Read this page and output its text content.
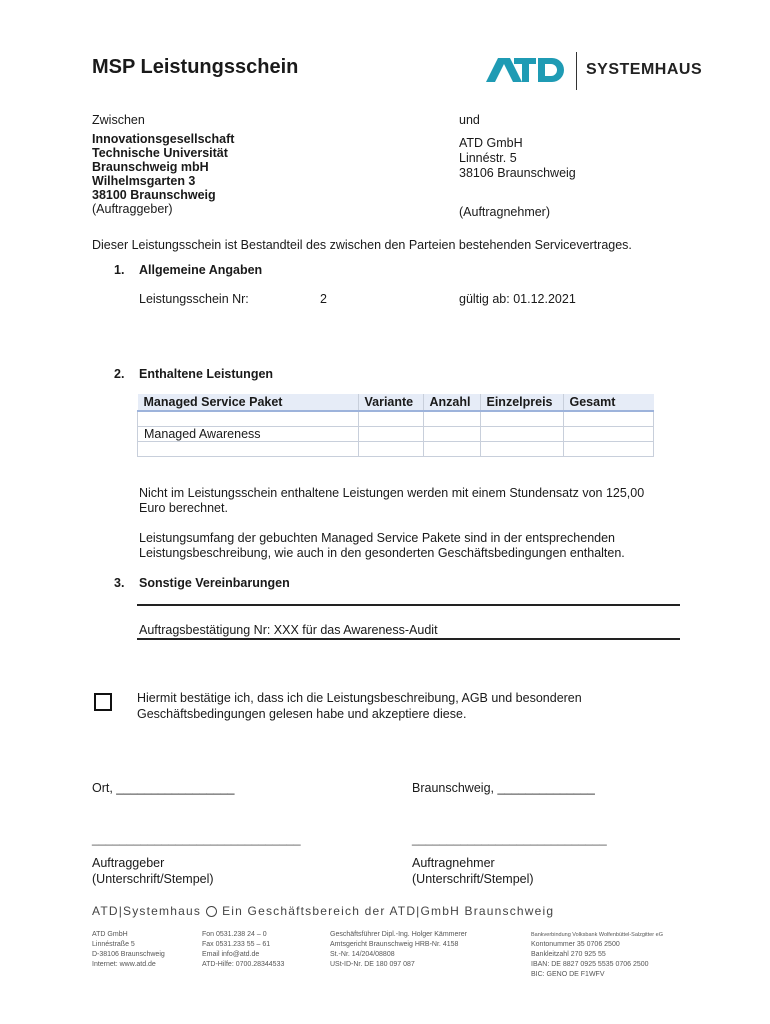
MSP Leistungsschein	SYSTEMHAUS
Zwischen	und
Innovationsgesellschaft
Technische Universität
Braunschweig mbH
Wilhelmsgarten 3
38100 Braunschweig
(Auftraggeber)
ATD GmbH
Linnéstr. 5
38106 Braunschweig
(Auftragnehmer)
Dieser Leistungsschein ist Bestandteil des zwischen den Parteien bestehenden Servicevertrages.
1. Allgemeine Angaben
Leistungsschein Nr:	2	gültig ab: 01.12.2021
2. Enthaltene Leistungen
Managed Service Paket	Variante	Anzahl	Einzelpreis	Gesamt

Managed Awareness				

Nicht im Leistungsschein enthaltene Leistungen werden mit einem Stundensatz von 125,00
Euro berechnet.
Leistungsumfang der gebuchten Managed Service Pakete sind in der entsprechenden
Leistungsbeschreibung, wie auch in den gesonderten Geschäftsbedingungen enthalten.
3. Sonstige Vereinbarungen
Auftragsbestätigung Nr: XXX für das Awareness-Audit
Hiermit bestätige ich, dass ich die Leistungsbeschreibung, AGB und besonderen
Geschäftsbedingungen gelesen habe und akzeptiere diese.
Ort, _________________	Braunschweig, ______________
______________________________	____________________________
Auftraggeber
(Unterschrift/Stempel)
Auftragnehmer
(Unterschrift/Stempel)
ATD|Systemhaus Ein Geschäftsbereich der ATD|GmbH Braunschweig
ATD GmbH
Linnéstraße 5
D-38106 Braunschweig
Internet: www.atd.de
Fon 0531.238 24 – 0
Fax 0531.233 55 – 61
Email info@atd.de
ATD-Hilfe: 0700.28344533
Geschäftsführer Dipl.-Ing. Holger Kämmerer
Amtsgericht Braunschweig HRB-Nr. 4158
St.-Nr. 14/204/08808
USt-ID-Nr. DE 180 097 087
Bankverbindung Volksbank Wolfenbüttel-Salzgitter eG
Kontonummer 35 0706 2500
Bankleitzahl 270 925 55
IBAN: DE 8827 0925 5535 0706 2500
BIC: GENO DE F1WFV
